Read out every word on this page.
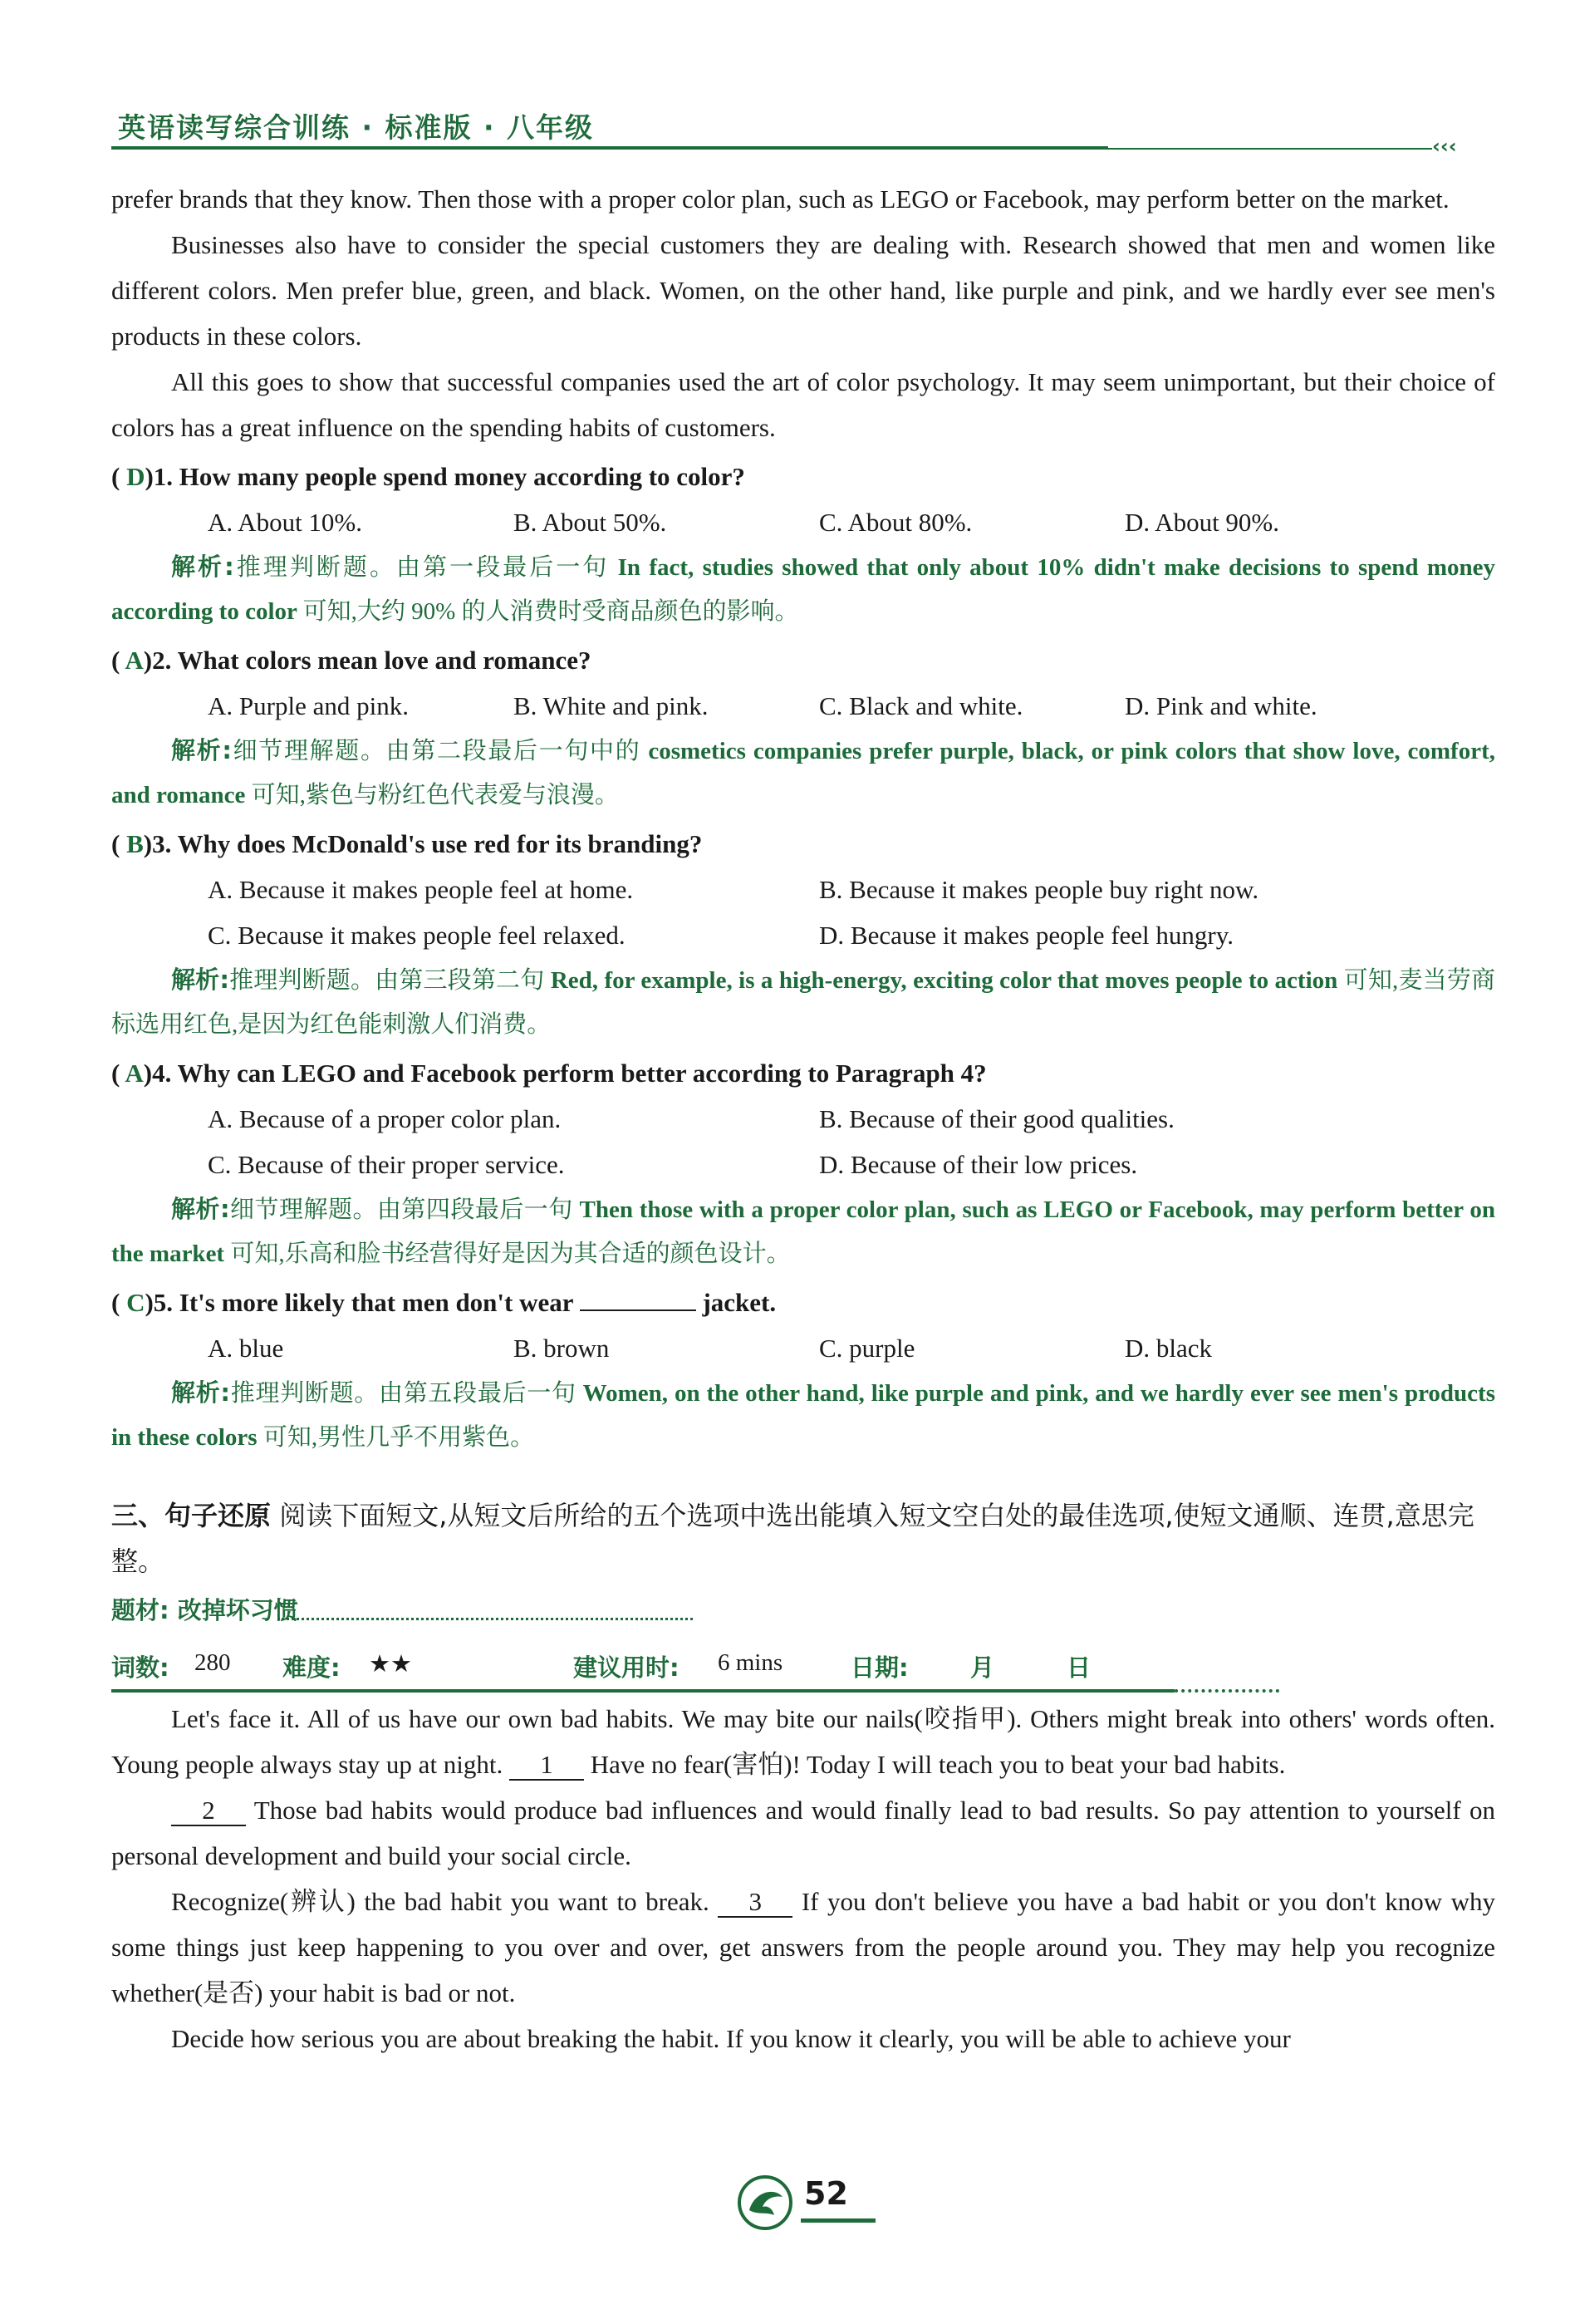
英语读写综合训练 · 标准版 · 八年级
‹‹‹

prefer brands that they know. Then those with a proper color plan, such as LEGO or Facebook, may perform better on the market.

Businesses also have to consider the special customers they are dealing with. Research showed that men and women like different colors. Men prefer blue, green, and black. Women, on the other hand, like purple and pink, and we hardly ever see men's products in these colors.

All this goes to show that successful companies used the art of color psychology. It may seem unimportant, but their choice of colors has a great influence on the spending habits of customers.

( D)1. How many people spend money according to color?

A. About 10%.	B. About 50%.	C. About 80%.	D. About 90%.

解析:推理判断题。由第一段最后一句 In fact, studies showed that only about 10% didn't make decisions to spend money according to color 可知,大约 90% 的人消费时受商品颜色的影响。

( A)2. What colors mean love and romance?

A. Purple and pink.	B. White and pink.	C. Black and white.	D. Pink and white.

解析:细节理解题。由第二段最后一句中的 cosmetics companies prefer purple, black, or pink colors that show love, comfort, and romance 可知,紫色与粉红色代表爱与浪漫。

( B)3. Why does McDonald's use red for its branding?

A. Because it makes people feel at home.	B. Because it makes people buy right now.
C. Because it makes people feel relaxed.	D. Because it makes people feel hungry.

解析:推理判断题。由第三段第二句 Red, for example, is a high-energy, exciting color that moves people to action 可知,麦当劳商标选用红色,是因为红色能刺激人们消费。

( A)4. Why can LEGO and Facebook perform better according to Paragraph 4?

A. Because of a proper color plan.	B. Because of their good qualities.
C. Because of their proper service.	D. Because of their low prices.

解析:细节理解题。由第四段最后一句 Then those with a proper color plan, such as LEGO or Facebook, may perform better on the market 可知,乐高和脸书经营得好是因为其合适的颜色设计。

( C)5. It's more likely that men don't wear	jacket.

A. blue	B. brown	C. purple	D. black

解析:推理判断题。由第五段最后一句 Women, on the other hand, like purple and pink, and we hardly ever see men's products in these colors 可知,男性几乎不用紫色。

三、句子还原 阅读下面短文,从短文后所给的五个选项中选出能填入短文空白处的最佳选项,使短文通顺、连贯,意思完整。
题材: 改掉坏习惯
词数: 280 难度: ★★	建议用时: 6 mins	日期:	月	日

Let's face it. All of us have our own bad habits. We may bite our nails(咬指甲). Others might break into others' words often. Young people always stay up at night. 1 Have no fear(害怕)! Today I will teach you to beat your bad habits.

2 Those bad habits would produce bad influences and would finally lead to bad results. So pay attention to yourself on personal development and build your social circle.

Recognize(辨认) the bad habit you want to break. 3 If you don't believe you have a bad habit or you don't know why some things just keep happening to you over and over, get answers from the people around you. They may help you recognize whether(是否) your habit is bad or not.

Decide how serious you are about breaking the habit. If you know it clearly, you will be able to achieve your

52
